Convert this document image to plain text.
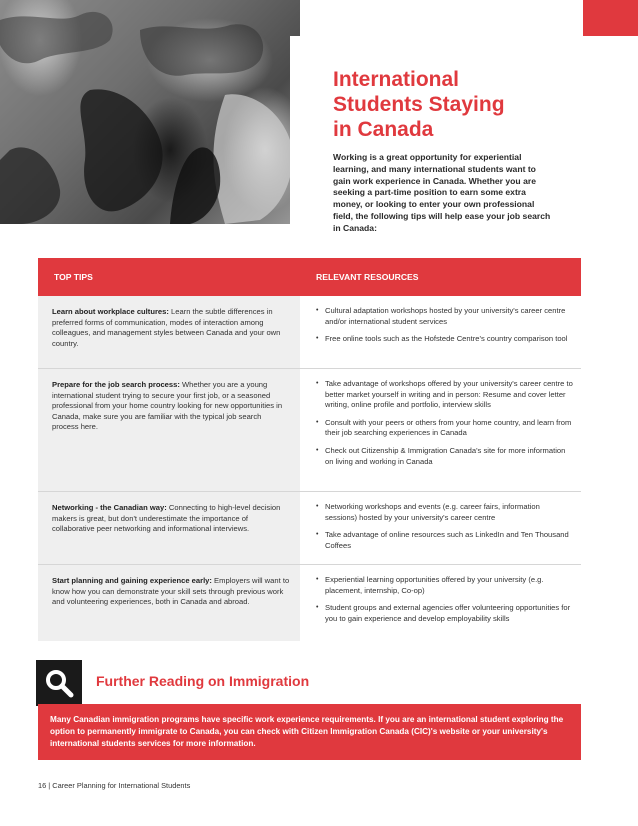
International
Students Staying
in Canada

Working is a great opportunity for experiential learning, and many international students want to gain work experience in Canada. Whether you are seeking a part-time position to earn some extra money, or looking to enter your own professional field, the following tips will help ease your job search in Canada:

TOP TIPS	RELEVANT RESOURCES
Learn about workplace cultures: Learn the subtle differences in preferred forms of communication, modes of interaction among colleagues, and management styles between Canada and your own country.
• Cultural adaptation workshops hosted by your university's career centre and/or international student services
• Free online tools such as the Hofstede Centre's country comparison tool
Prepare for the job search process: Whether you are a young international student trying to secure your first job, or a seasoned professional from your home country looking for new opportunities in Canada, make sure you are familiar with the typical job search process here.
• Take advantage of workshops offered by your university's career centre to better market yourself in writing and in person: Resume and cover letter writing, online profile and portfolio, interview skills
• Consult with your peers or others from your home country, and learn from their job searching experiences in Canada
• Check out Citizenship & Immigration Canada's site for more information on living and working in Canada
Networking - the Canadian way: Connecting to high-level decision makers is great, but don't underestimate the importance of collaborative peer networking and informational interviews.
• Networking workshops and events (e.g. career fairs, information sessions) hosted by your university's career centre
• Take advantage of online resources such as LinkedIn and Ten Thousand Coffees
Start planning and gaining experience early: Employers will want to know how you can demonstrate your skill sets through previous work and volunteering experiences, both in Canada and abroad.
• Experiential learning opportunities offered by your university (e.g. placement, internship, Co-op)
• Student groups and external agencies offer volunteering opportunities for you to gain experience and develop employability skills
Further Reading on Immigration

Many Canadian immigration programs have specific work experience requirements. If you are an international student exploring the option to permanently immigrate to Canada, you can check with Citizen Immigration Canada (CIC)'s website or your university's international students services for more information.

16 | Career Planning for International Students
